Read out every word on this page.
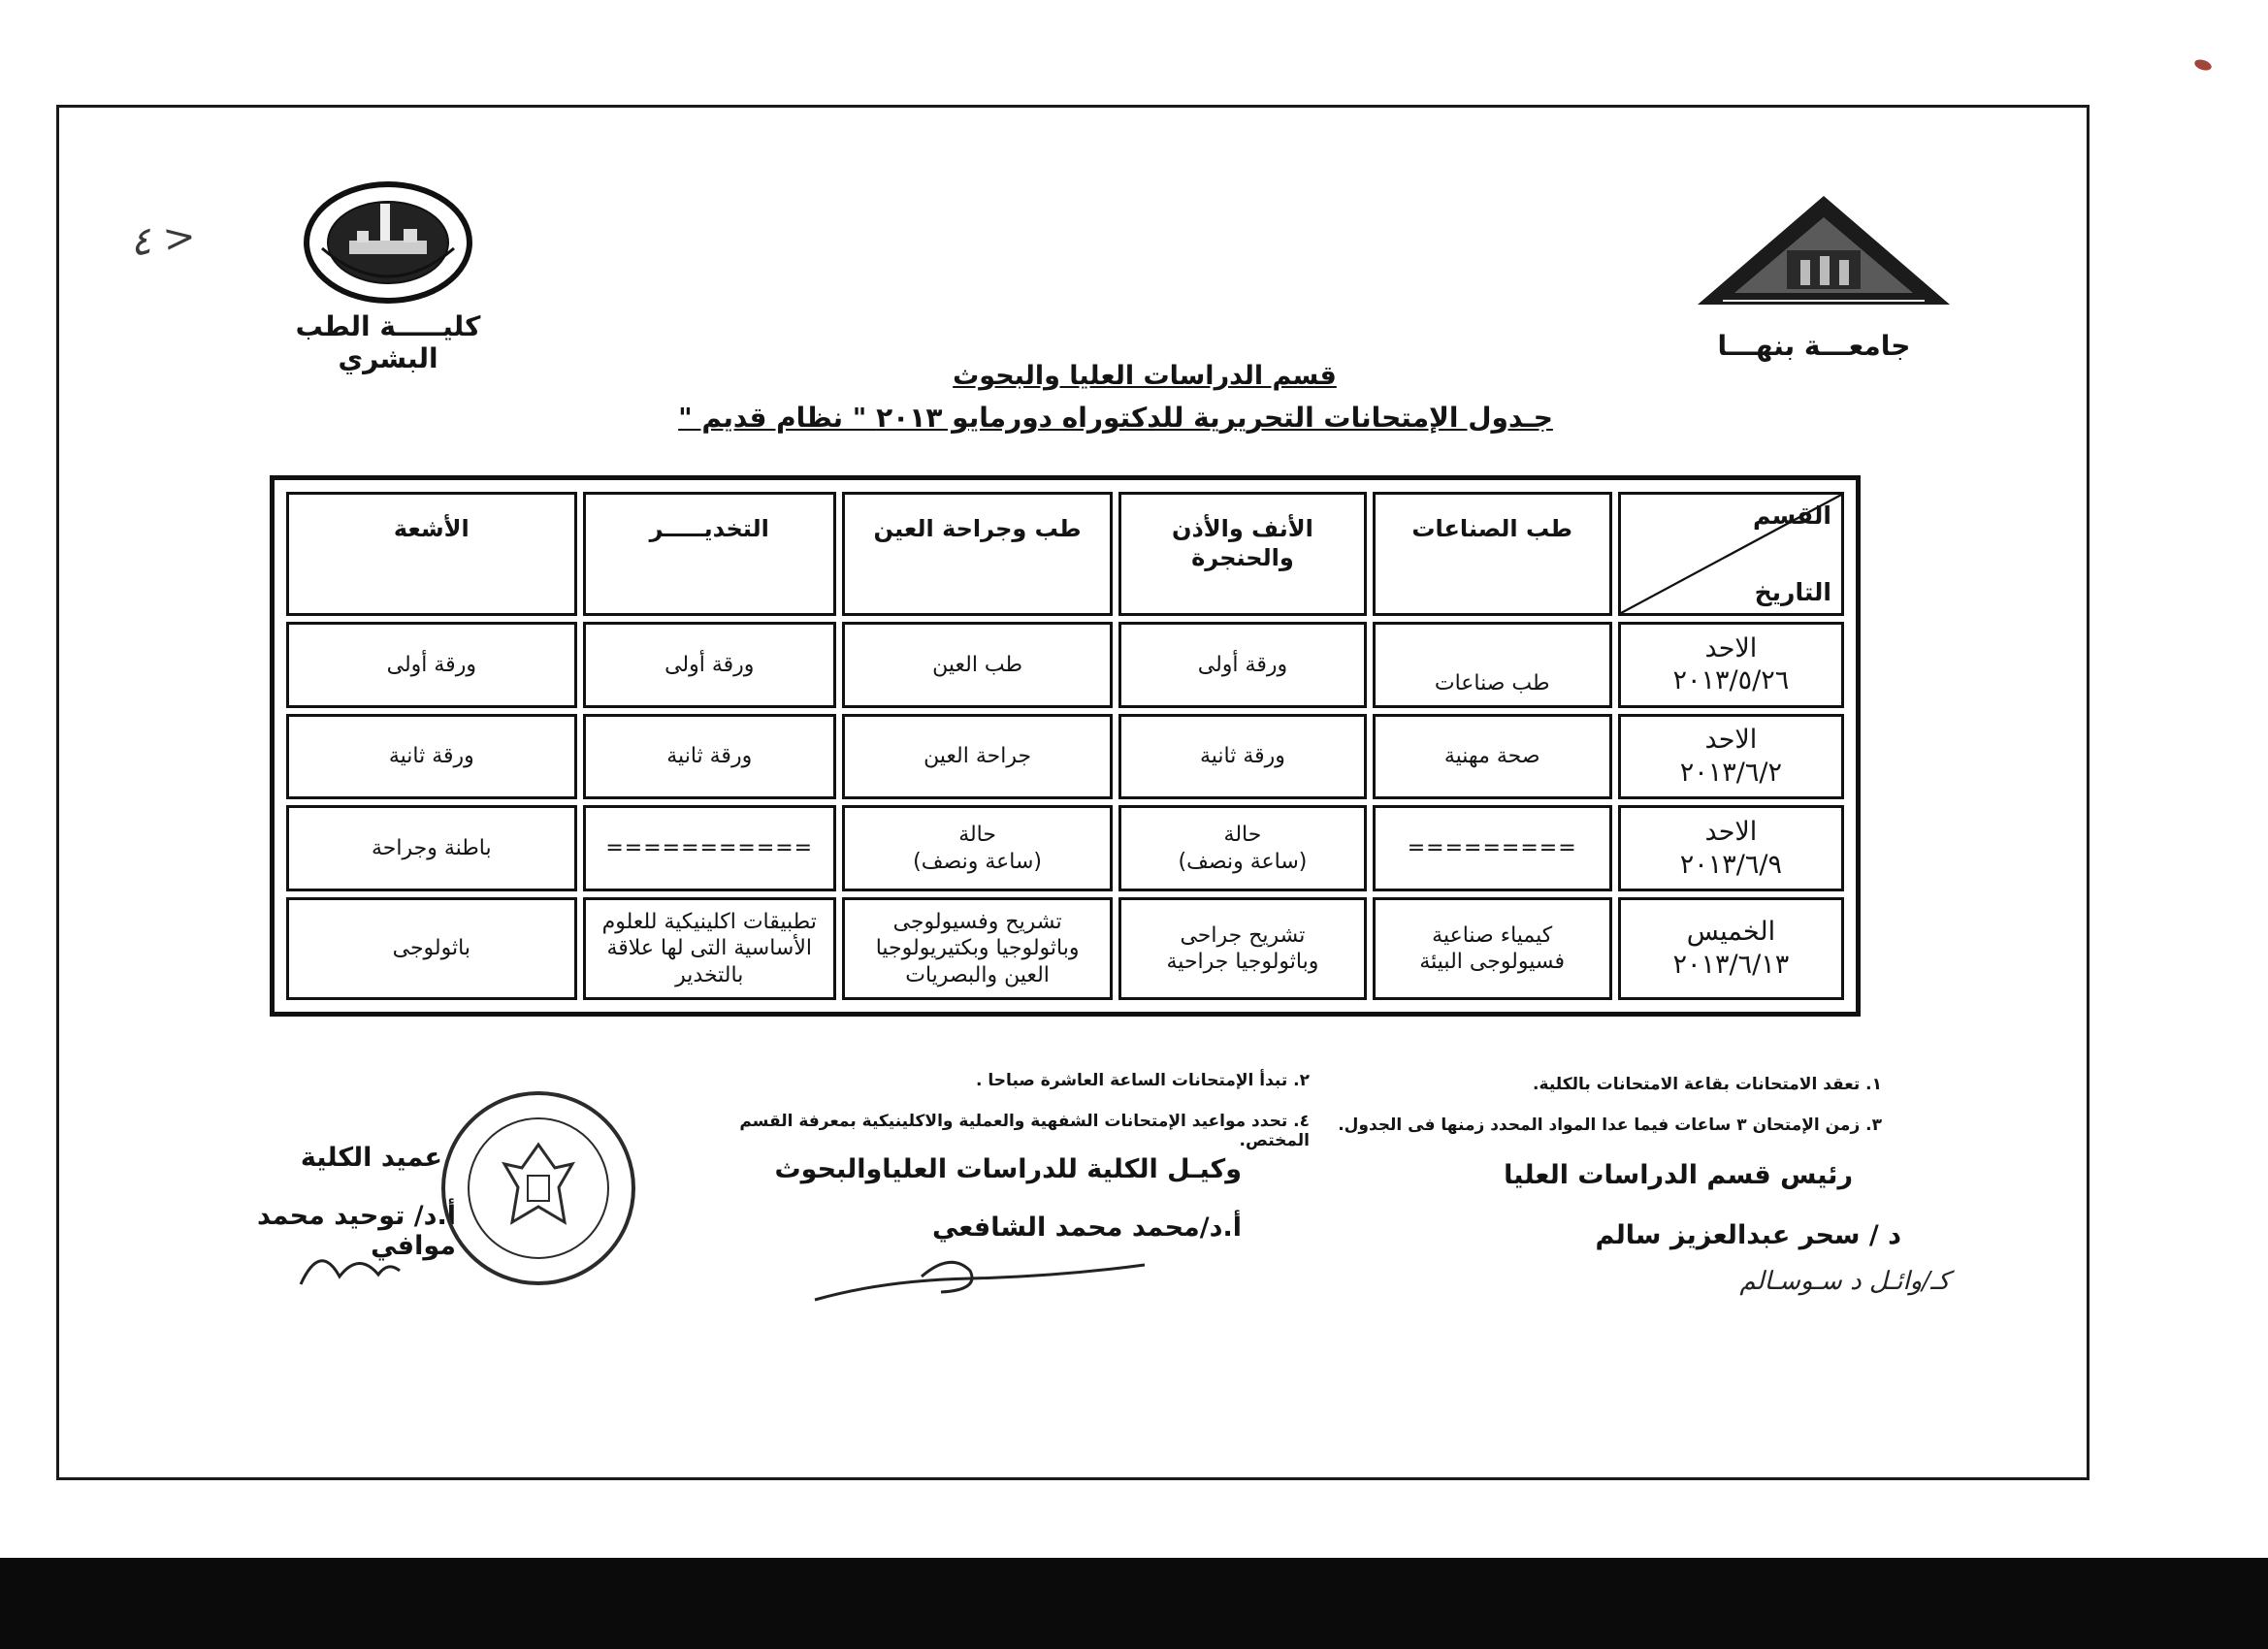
كليـــــة الطب البشري
٤ >
جامعـــة بنهـــا
قسم الدراسات العليا والبحوث
جـدول الإمتحانات التحريرية للدكتوراه دورمايو ٢٠١٣ " نظام قديم "
القسم
التاريخ	طب الصناعات	الأنف والأذن والحنجرة	طب وجراحة العين	التخديـــــر	الأشعة

الاحد
٢٠١٣/٥/٢٦	طب صناعات	ورقة أولى	طب العين	ورقة أولى	ورقة أولى

الاحد
٢٠١٣/٦/٢	صحة مهنية	ورقة ثانية	جراحة العين	ورقة ثانية	ورقة ثانية

الاحد
٢٠١٣/٦/٩	=========	حالة
(ساعة ونصف)	حالة
(ساعة ونصف)	===========	باطنة وجراحة

الخميس
٢٠١٣/٦/١٣	كيمياء صناعية
فسيولوجى البيئة	تشريح جراحى
وباثولوجيا جراحية	تشريح وفسيولوجى
وباثولوجيا وبكتيريولوجيا
العين والبصريات	تطبيقات اكلينيكية للعلوم
الأساسية التى لها علاقة
بالتخدير	باثولوجى
١. تعقد الامتحانات بقاعة الامتحانات بالكلية.
٣. زمن الإمتحان ٣ ساعات فيما عدا المواد المحدد زمنها فى الجدول.
٢. تبدأ الإمتحانات الساعة العاشرة صباحا .
٤. تحدد مواعيد الإمتحانات الشفهية والعملية والاكلينيكية بمعرفة القسم المختص.
رئيس قسم الدراسات العليا
د / سحر عبدالعزيز سالم
كـ/وائـل د سـوسـالم
وكيـل الكلية للدراسات العلياوالبحوث
أ.د/محمد محمد الشافعي
عميد الكلية
أ.د/ توحيد محمد موافي
